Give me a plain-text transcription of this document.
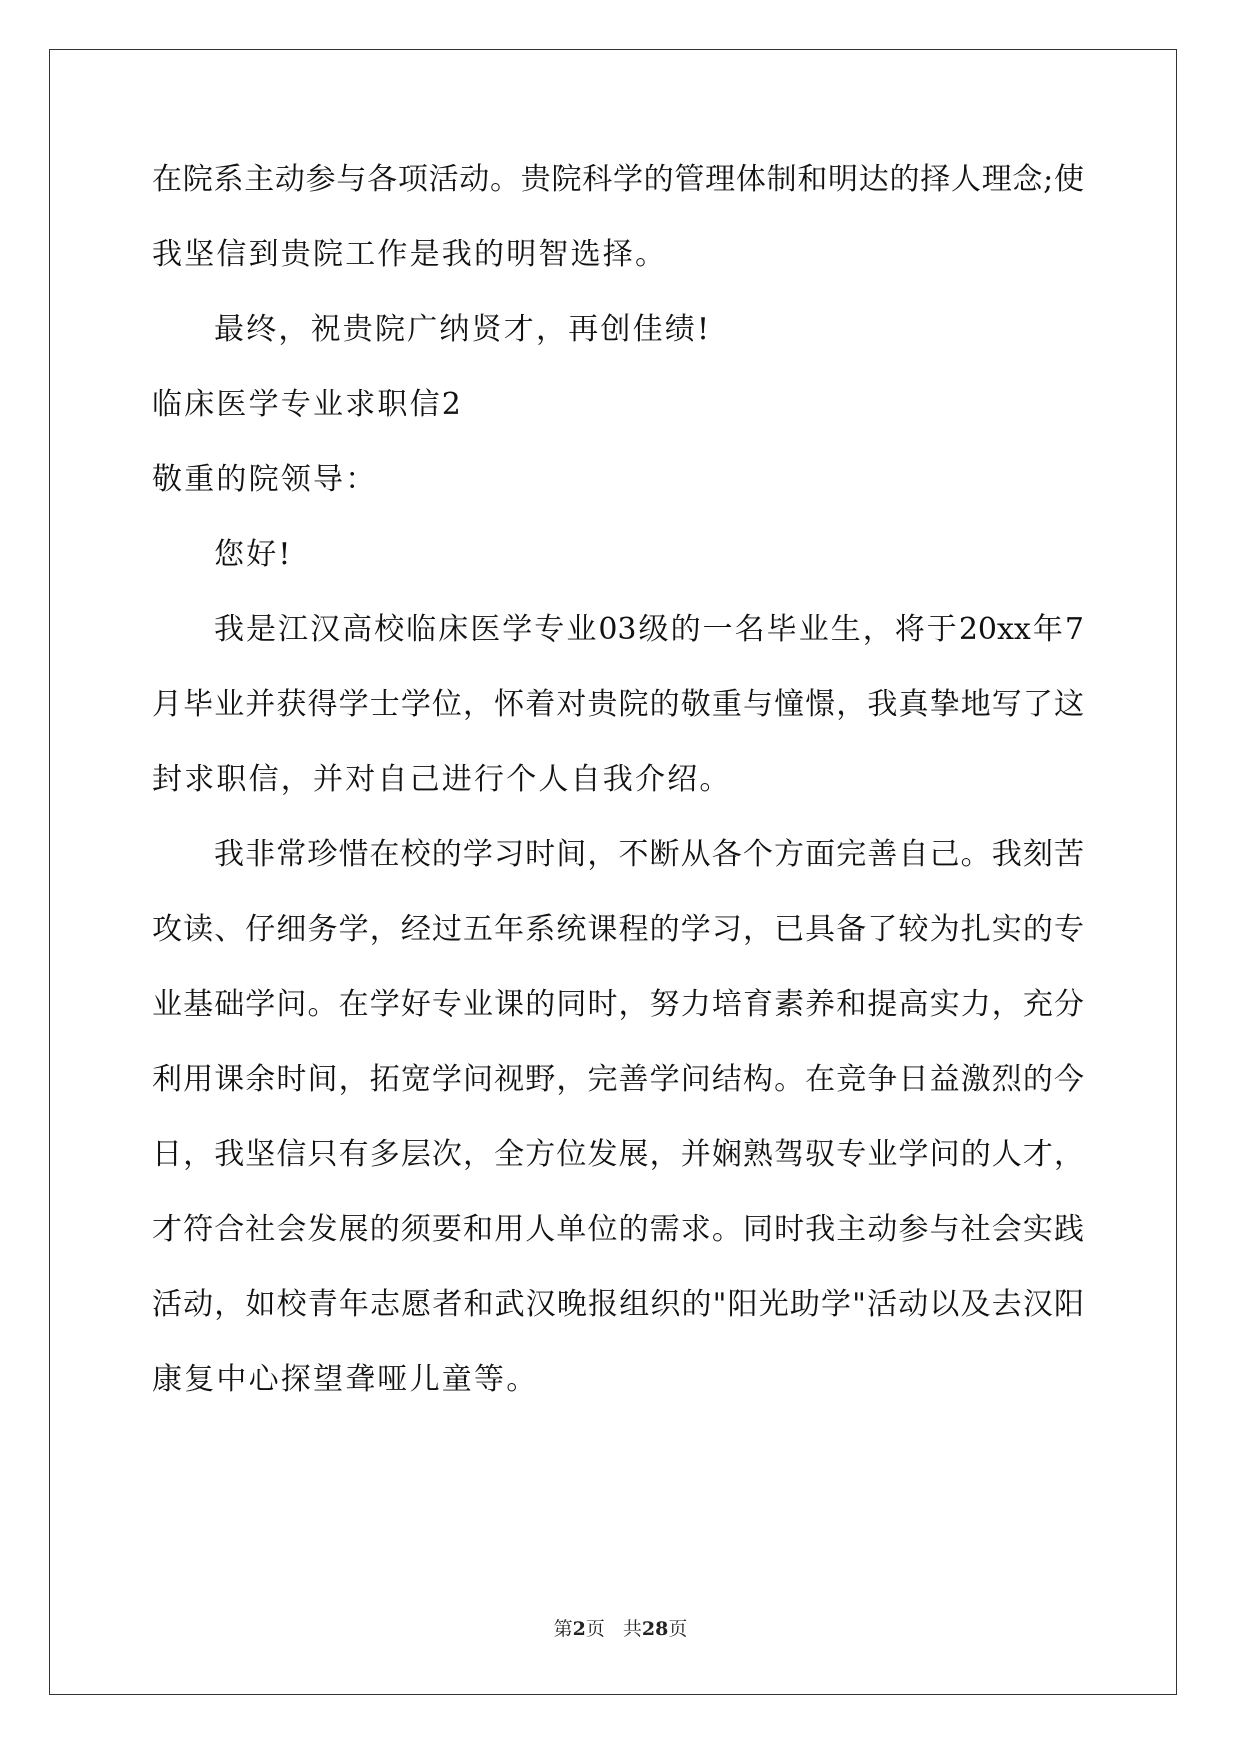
在院系主动参与各项活动。贵院科学的管理体制和明达的择人理念;使
我坚信到贵院工作是我的明智选择。
最终，祝贵院广纳贤才，再创佳绩!
临床医学专业求职信2
敬重的院领导：
您好!
我是江汉高校临床医学专业03级的一名毕业生，将于20xx年7
月毕业并获得学士学位，怀着对贵院的敬重与憧憬，我真挚地写了这
封求职信，并对自己进行个人自我介绍。
我非常珍惜在校的学习时间，不断从各个方面完善自己。我刻苦
攻读、仔细务学，经过五年系统课程的学习，已具备了较为扎实的专
业基础学问。在学好专业课的同时，努力培育素养和提高实力，充分
利用课余时间，拓宽学问视野，完善学问结构。在竞争日益激烈的今
日，我坚信只有多层次，全方位发展，并娴熟驾驭专业学问的人才，
才符合社会发展的须要和用人单位的需求。同时我主动参与社会实践
活动，如校青年志愿者和武汉晚报组织的"阳光助学"活动以及去汉阳
康复中心探望聋哑儿童等。
第2页 共28页
